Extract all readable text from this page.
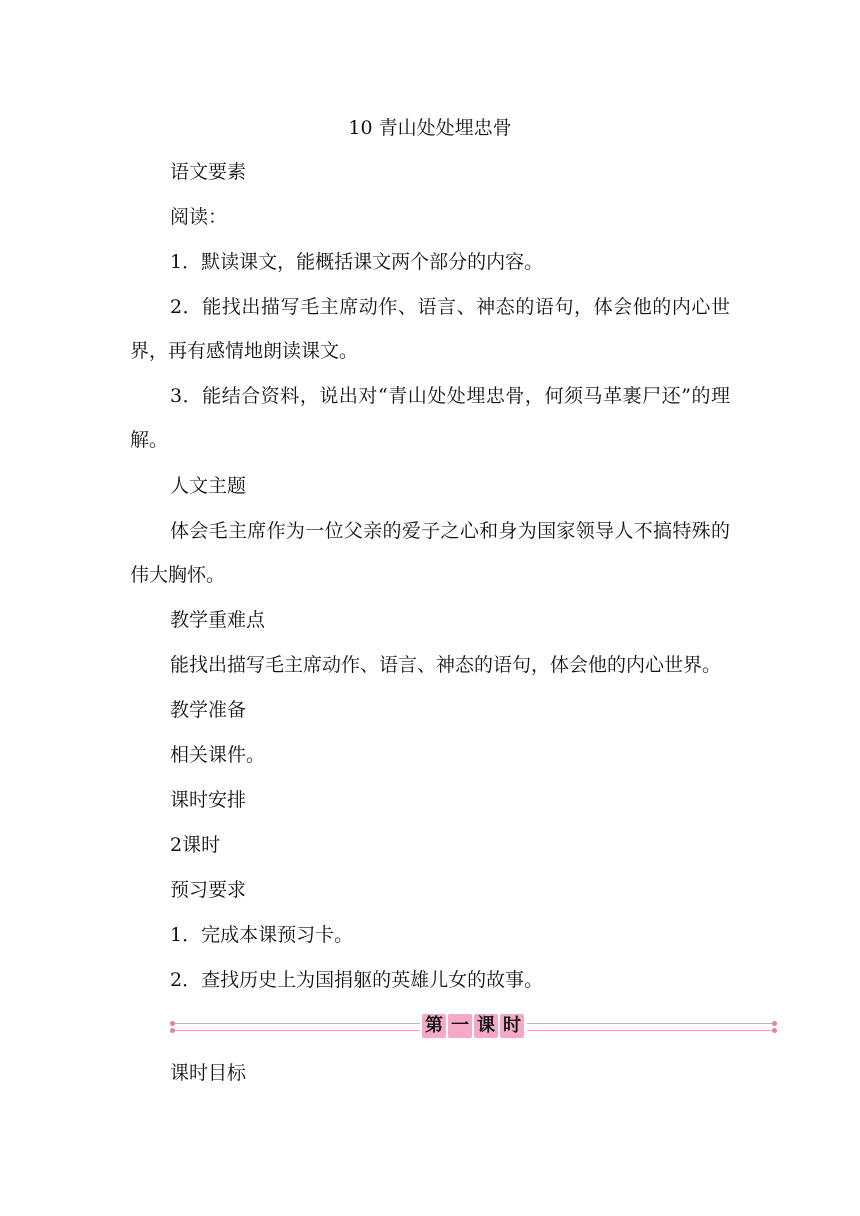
10 青山处处埋忠骨

语文要素

阅读：

1．默读课文，能概括课文两个部分的内容。

2．能找出描写毛主席动作、语言、神态的语句，体会他的内心世界，再有感情地朗读课文。

3．能结合资料，说出对“青山处处埋忠骨，何须马革裹尸还”的理解。

人文主题

体会毛主席作为一位父亲的爱子之心和身为国家领导人不搞特殊的伟大胸怀。

教学重难点

能找出描写毛主席动作、语言、神态的语句，体会他的内心世界。

教学准备

相关课件。

课时安排

2课时

预习要求

1．完成本课预习卡。

2．查找历史上为国捐躯的英雄儿女的故事。

第 一 课 时

课时目标
